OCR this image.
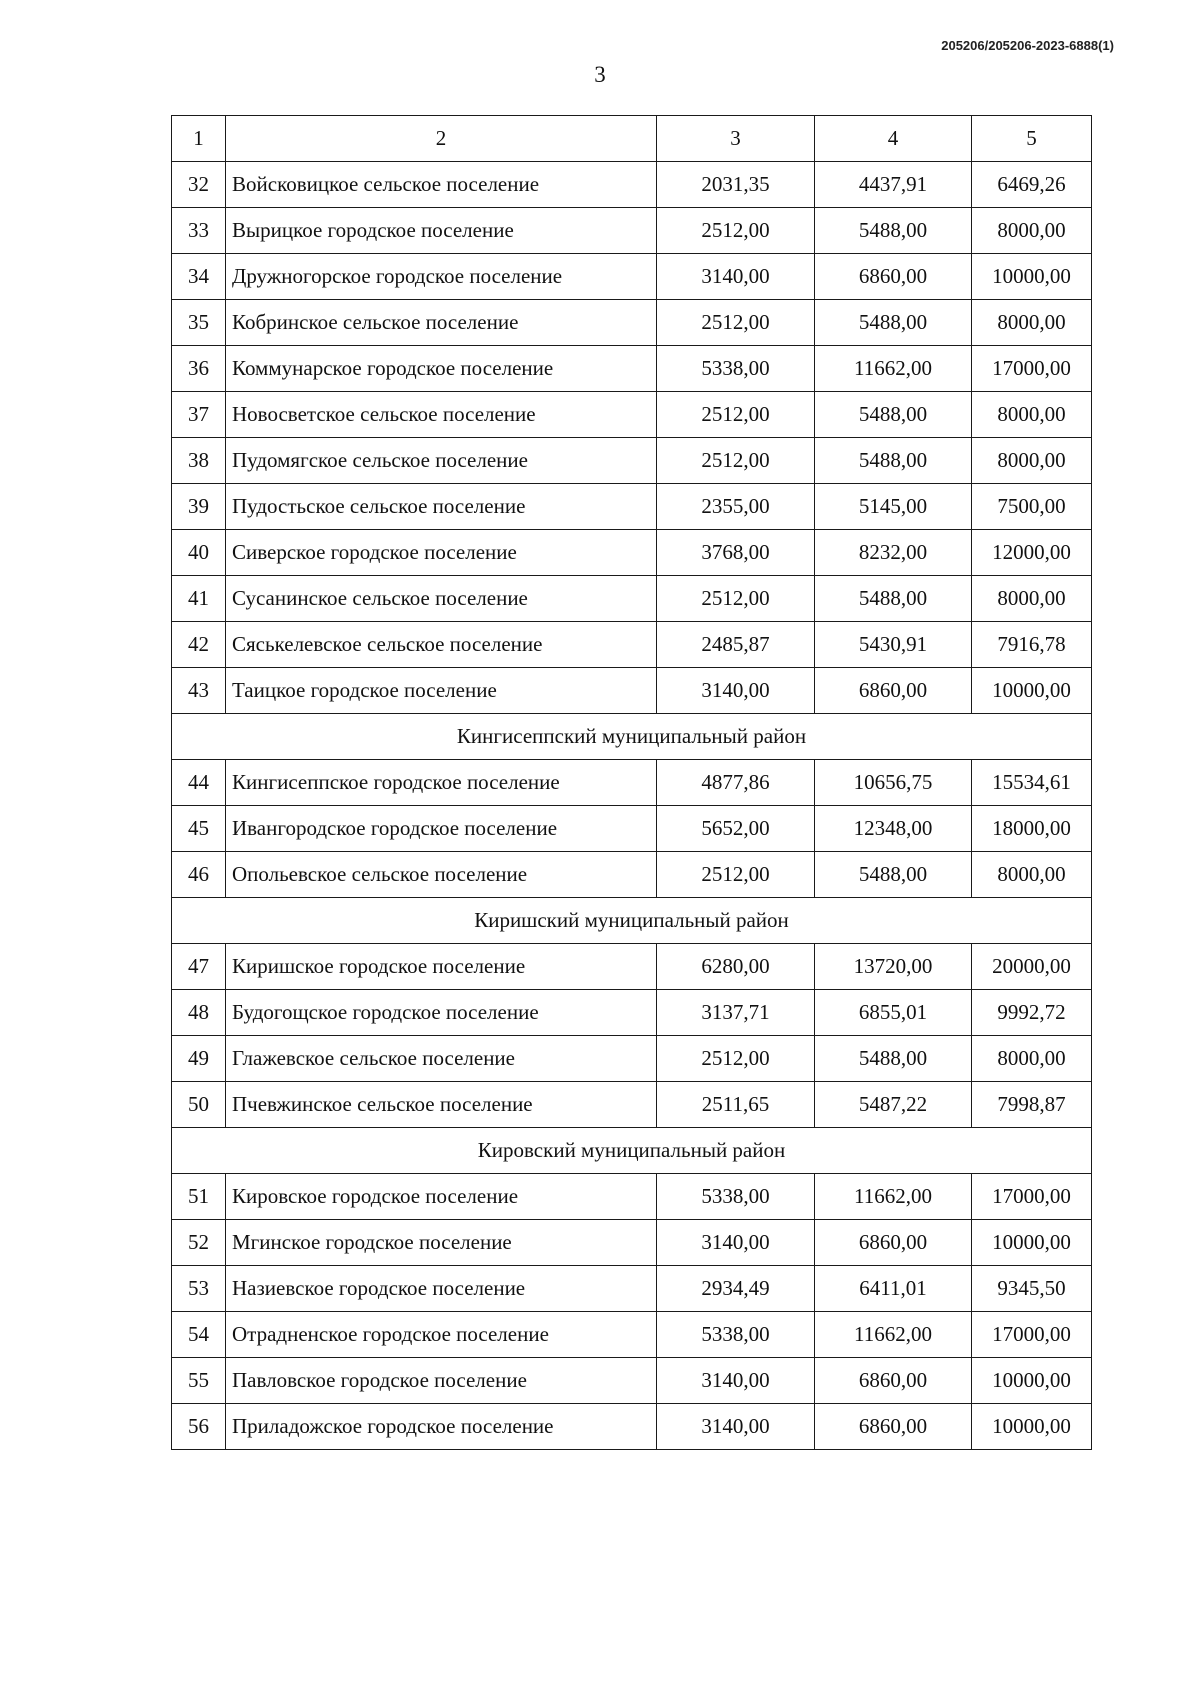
205206/205206-2023-6888(1)
3
1	2	3	4	5
32	Войсковицкое сельское поселение	2031,35	4437,91	6469,26
33	Вырицкое городское поселение	2512,00	5488,00	8000,00
34	Дружногорское городское поселение	3140,00	6860,00	10000,00
35	Кобринское сельское поселение	2512,00	5488,00	8000,00
36	Коммунарское городское поселение	5338,00	11662,00	17000,00
37	Новосветское сельское поселение	2512,00	5488,00	8000,00
38	Пудомягское сельское поселение	2512,00	5488,00	8000,00
39	Пудостьское сельское поселение	2355,00	5145,00	7500,00
40	Сиверское городское поселение	3768,00	8232,00	12000,00
41	Сусанинское сельское поселение	2512,00	5488,00	8000,00
42	Сяськелевское сельское поселение	2485,87	5430,91	7916,78
43	Таицкое городское поселение	3140,00	6860,00	10000,00
Кингисеппский муниципальный район				
44	Кингисеппское городское поселение	4877,86	10656,75	15534,61
45	Ивангородское городское поселение	5652,00	12348,00	18000,00
46	Опольевское сельское поселение	2512,00	5488,00	8000,00
Киришский муниципальный район				
47	Киришское городское поселение	6280,00	13720,00	20000,00
48	Будогощское городское поселение	3137,71	6855,01	9992,72
49	Глажевское сельское поселение	2512,00	5488,00	8000,00
50	Пчевжинское сельское поселение	2511,65	5487,22	7998,87
Кировский муниципальный район				
51	Кировское городское поселение	5338,00	11662,00	17000,00
52	Мгинское городское поселение	3140,00	6860,00	10000,00
53	Назиевское городское поселение	2934,49	6411,01	9345,50
54	Отрадненское городское поселение	5338,00	11662,00	17000,00
55	Павловское городское поселение	3140,00	6860,00	10000,00
56	Приладожское городское поселение	3140,00	6860,00	10000,00
